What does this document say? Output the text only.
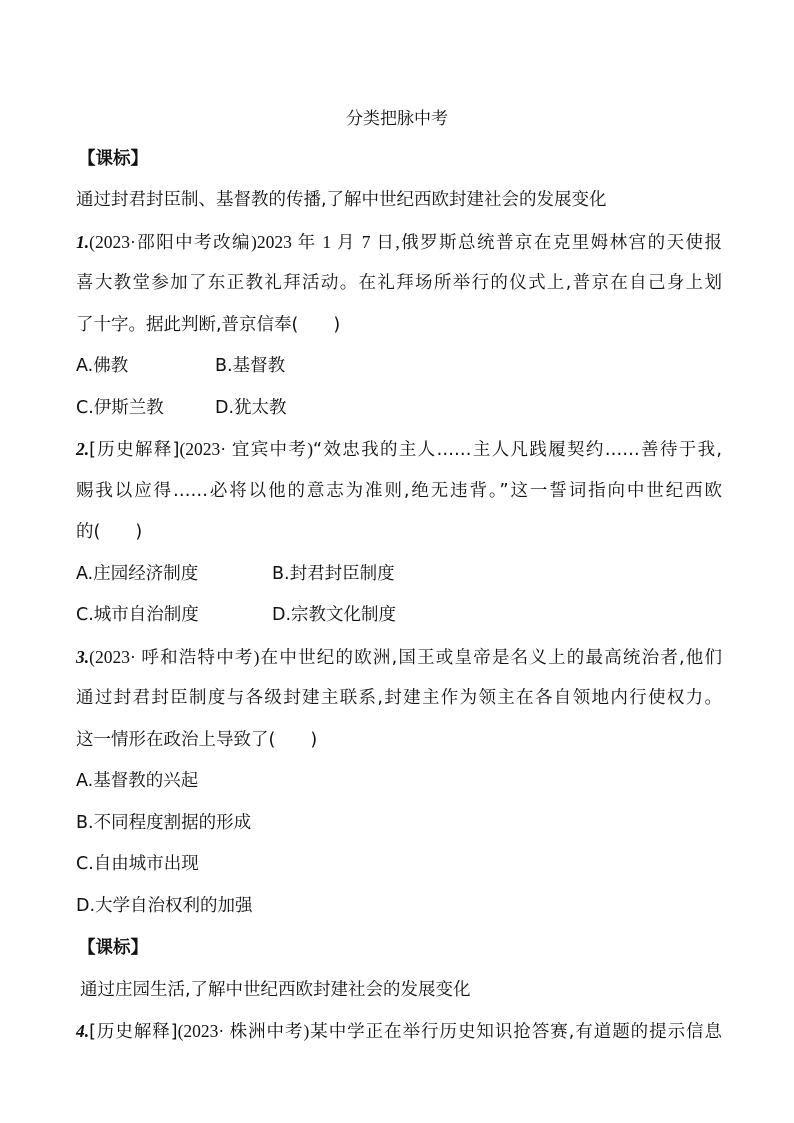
分类把脉中考
【课标】
通过封君封臣制、基督教的传播,了解中世纪西欧封建社会的发展变化
1.(2023·邵阳中考改编)2023 年 1 月 7 日,俄罗斯总统普京在克里姆林宫的天使报
喜大教堂参加了东正教礼拜活动。在礼拜场所举行的仪式上,普京在自己身上划
了十字。据此判断,普京信奉(　　)
A.佛教	B.基督教
C.伊斯兰教	D.犹太教
2.[历史解释](2023· 宜宾中考)“效忠我的主人……主人凡践履契约……善待于我,
赐我以应得……必将以他的意志为准则,绝无违背。”这一誓词指向中世纪西欧
的(　　)
A.庄园经济制度	B.封君封臣制度
C.城市自治制度	D.宗教文化制度
3.(2023· 呼和浩特中考)在中世纪的欧洲,国王或皇帝是名义上的最高统治者,他们
通过封君封臣制度与各级封建主联系,封建主作为领主在各自领地内行使权力。
这一情形在政治上导致了(　　)
A.基督教的兴起
B.不同程度割据的形成
C.自由城市出现
D.大学自治权利的加强
【课标】
通过庄园生活,了解中世纪西欧封建社会的发展变化
4.[历史解释](2023· 株洲中考)某中学正在举行历史知识抢答赛,有道题的提示信息
